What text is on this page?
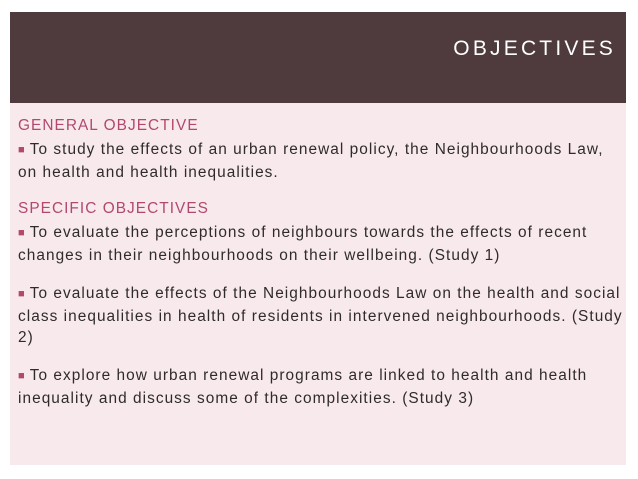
OBJECTIVES
GENERAL OBJECTIVE

■ To study the effects of an urban renewal policy, the Neighbourhoods Law, on health and health inequalities.

SPECIFIC OBJECTIVES

■ To evaluate the perceptions of neighbours towards the effects of recent changes in their neighbourhoods on their wellbeing. (Study 1)

■ To evaluate the effects of the Neighbourhoods Law on the health and social class inequalities in health of residents in intervened neighbourhoods. (Study 2)

■ To explore how urban renewal programs are linked to health and health inequality and discuss some of the complexities. (Study 3)
